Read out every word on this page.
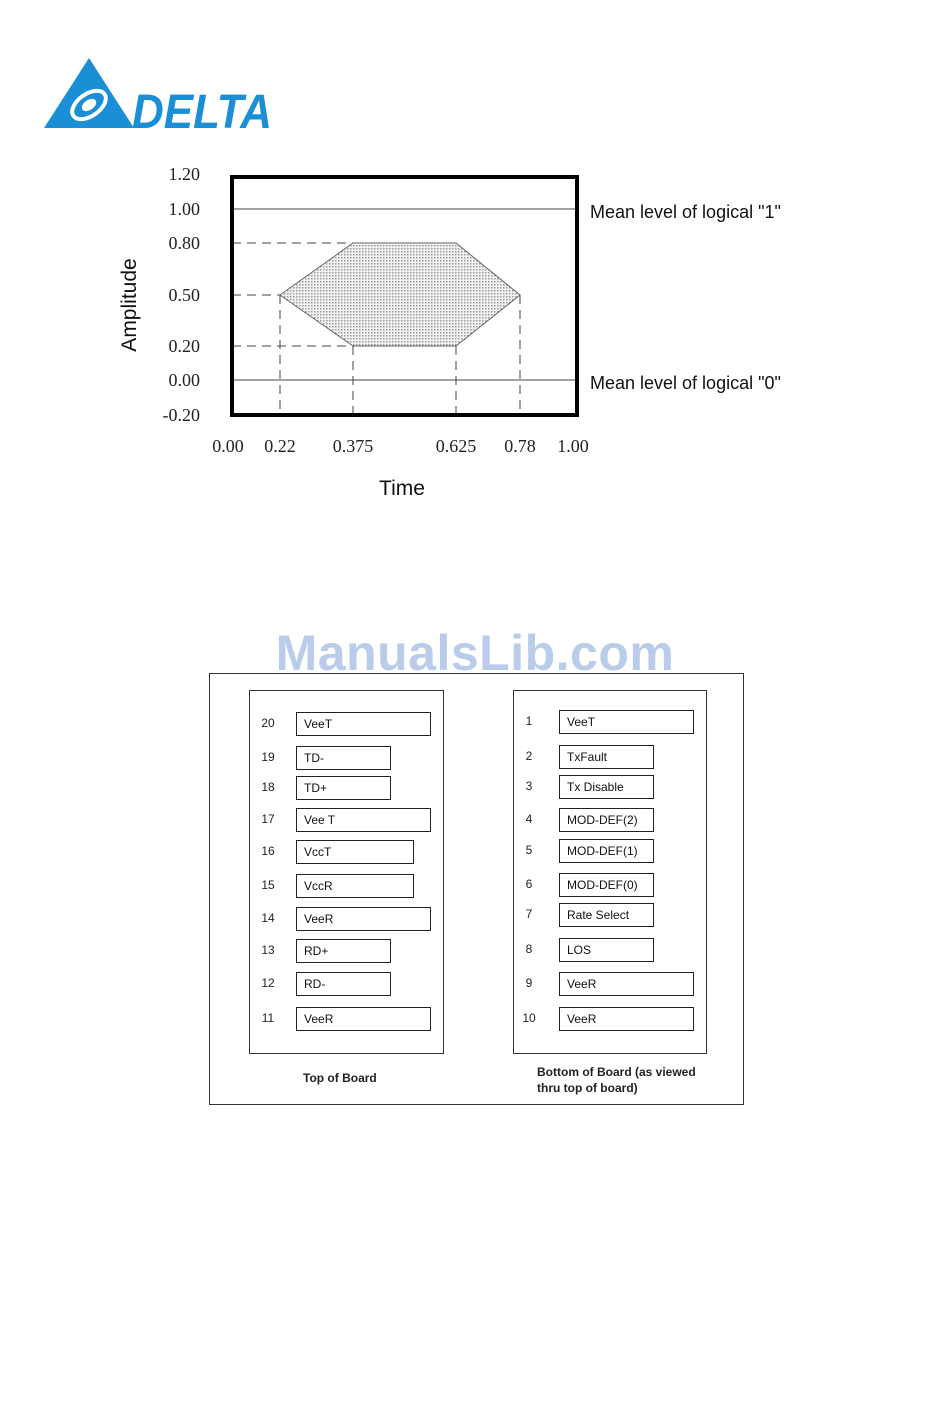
DELTA
1.20
1.00
0.80
0.50
0.20
0.00
-0.20
0.00 0.22 0.375	0.625 0.78 1.00
Mean level of logical "1"
Mean level of logical "0"
Time
Amplitude
ManualsLib.com
20	VeeT
19	TD-
18	TD+
17	Vee T
16	VccT
15	VccR
14	VeeR
13	RD+
12	RD-
11	VeeR
1	VeeT
2	TxFault
3	Tx Disable
4	MOD-DEF(2)
5	MOD-DEF(1)
6	MOD-DEF(0)
7	Rate Select
8	LOS
9	VeeR
10	VeeR
Top of Board	Bottom of Board (as viewed
thru top of board)
